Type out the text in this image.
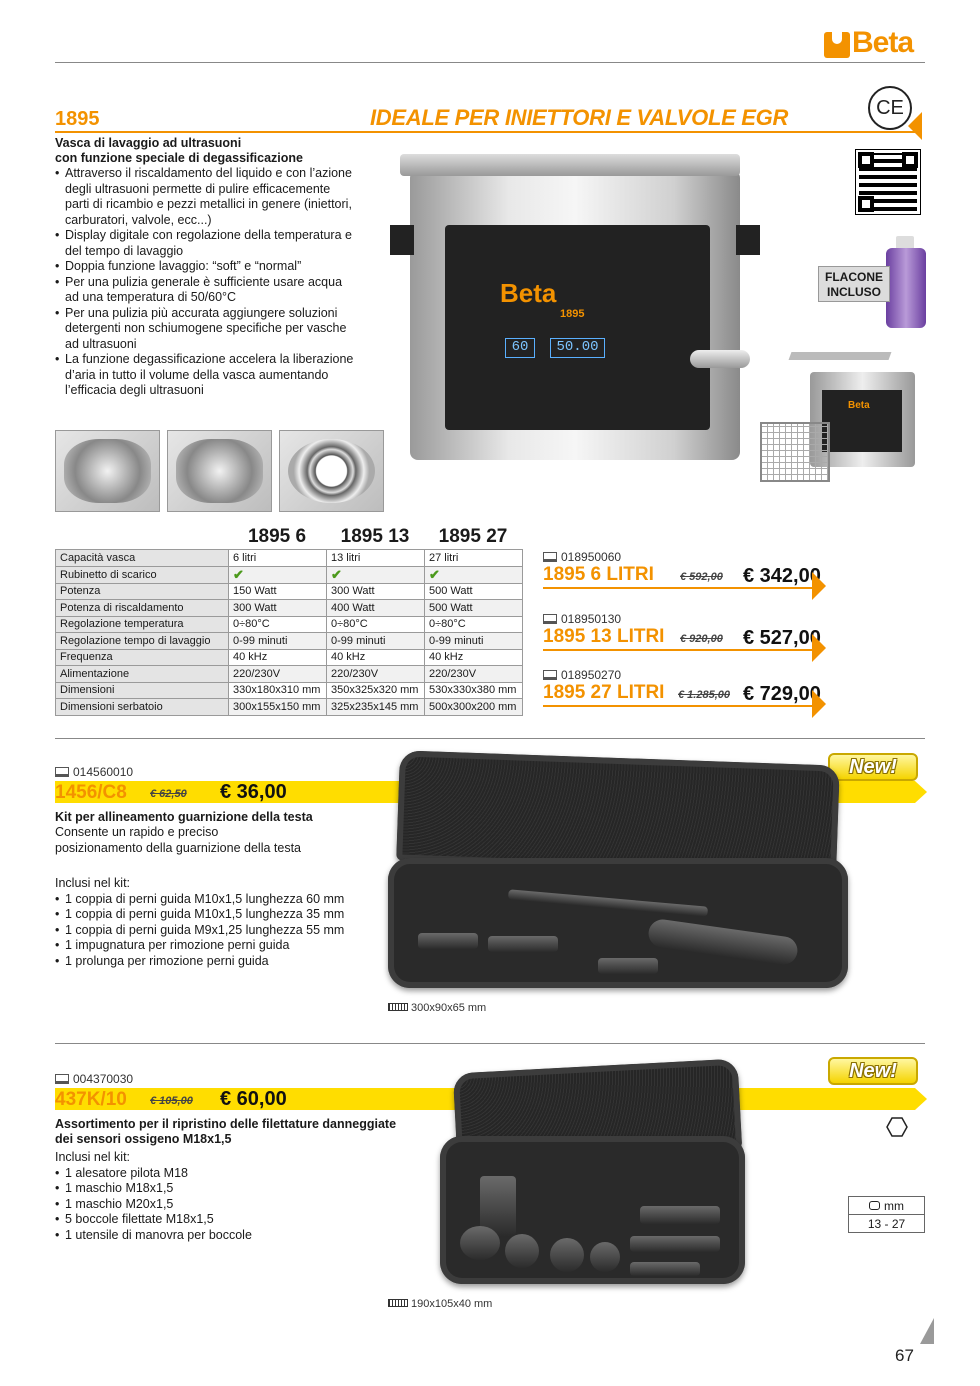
Beta
1895	IDEALE PER INIETTORI E VALVOLE EGR	CE
Vasca di lavaggio ad ultrasuoni
con funzione speciale di degassificazione
• Attraverso il riscaldamento del liquido e con l’azione degli ultrasuoni permette di pulire efficacemente parti di ricambio e pezzi metallici in genere (iniettori, carburatori, valvole, ecc...)
• Display digitale con regolazione della temperatura e del tempo di lavaggio
• Doppia funzione lavaggio: “soft” e “normal”
• Per una pulizia generale è sufficiente usare acqua ad una temperatura di 50/60°C
• Per una pulizia più accurata aggiungere soluzioni detergenti non schiumogene specifiche per vasche ad ultrasuoni
• La funzione degassificazione accelera la liberazione d’aria in tutto il volume della vasca aumentando l’efficacia degli ultrasuoni
Beta
1895
60	50.00
FLACONE
INCLUSO
Beta
1895 6 1895 13 1895 27
Capacità vasca	6 litri	13 litri	27 litri
Rubinetto di scarico	✔	✔	✔
Potenza	150 Watt	300 Watt	500 Watt
Potenza di riscaldamento	300 Watt	400 Watt	500 Watt
Regolazione temperatura	0÷80°C	0÷80°C	0÷80°C
Regolazione tempo di lavaggio	0-99 minuti	0-99 minuti	0-99 minuti
Frequenza	40 kHz	40 kHz	40 kHz
Alimentazione	220/230V	220/230V	220/230V
Dimensioni	330x180x310 mm	350x325x320 mm	530x330x380 mm
Dimensioni serbatoio	300x155x150 mm	325x235x145 mm	500x300x200 mm
018950060
1895 6 LITRI € 592,00 € 342,00
018950130
1895 13 LITRI € 920,00 € 527,00
018950270
1895 27 LITRI € 1.285,00 € 729,00
014560010
1456/C8 € 62,50 € 36,00
New!
Kit per allineamento guarnizione della testa
Consente un rapido e preciso
posizionamento della guarnizione della testa
Inclusi nel kit:
• 1 coppia di perni guida M10x1,5 lunghezza 60 mm
• 1 coppia di perni guida M10x1,5 lunghezza 35 mm
• 1 coppia di perni guida M9x1,25 lunghezza 55 mm
• 1 impugnatura per rimozione perni guida
• 1 prolunga per rimozione perni guida
300x90x65 mm
004370030
437K/10 € 105,00 € 60,00
New!
Assortimento per il ripristino delle filettature danneggiate
dei sensori ossigeno M18x1,5
Inclusi nel kit:
• 1 alesatore pilota M18
• 1 maschio M18x1,5
• 1 maschio M20x1,5
• 5 boccole filettate M18x1,5
• 1 utensile di manovra per boccole
190x105x40 mm
mm
13 - 27
67
